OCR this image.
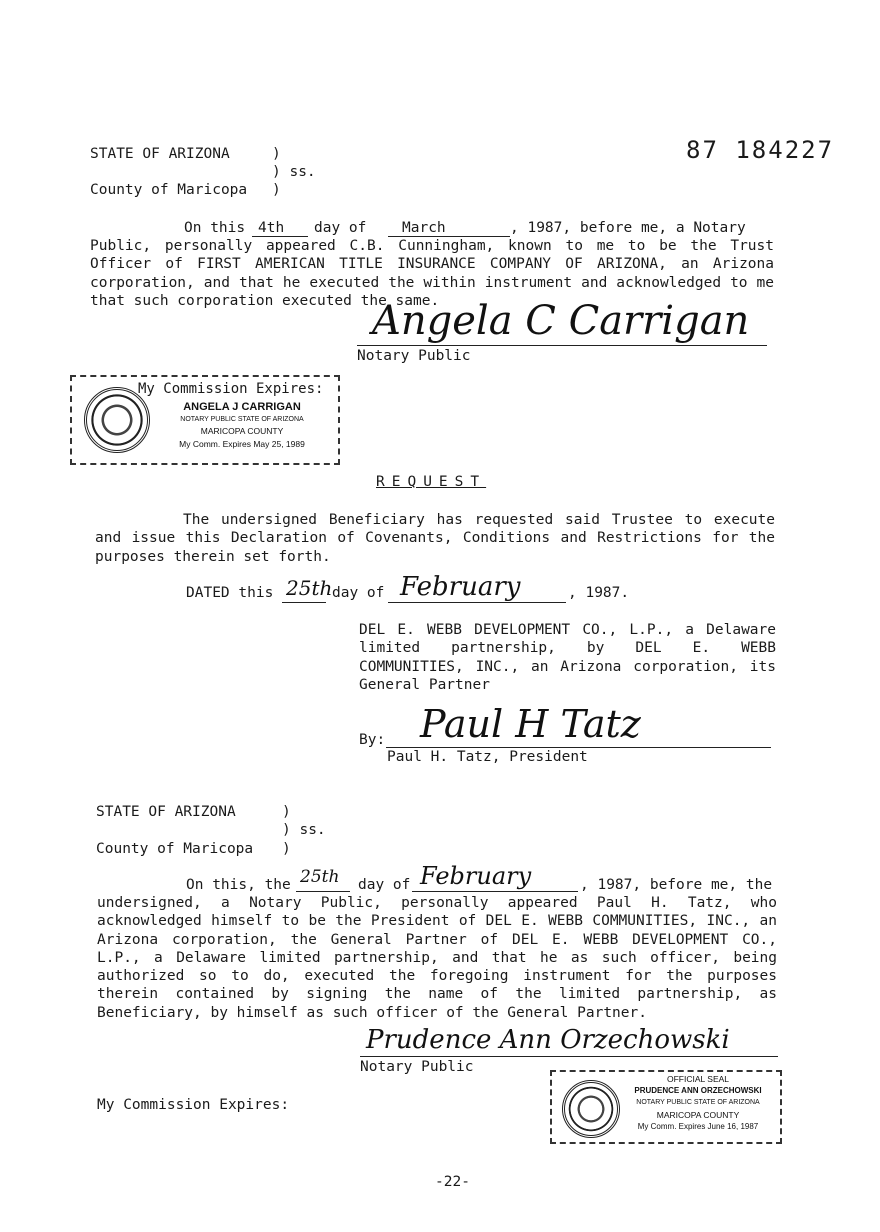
87 184227
STATE OF ARIZONA	)
) ss.
County of Maricopa )
On this 4th day of March	, 1987, before me, a Notary
Public, personally appeared C.B. Cunningham, known to me to be the Trust Officer of FIRST AMERICAN TITLE INSURANCE COMPANY OF ARIZONA, an Arizona corporation, and that he executed the within instrument and acknowledged to me that such corporation executed the same.
Angela C Carrigan
Notary Public
My Commission Expires:
ANGELA J CARRIGAN
NOTARY PUBLIC STATE OF ARIZONA
MARICOPA COUNTY
My Comm. Expires May 25, 1989
REQUEST
The undersigned Beneficiary has requested said Trustee to execute and issue this Declaration of Covenants, Conditions and Restrictions for the purposes therein set forth.
DATED this 25th day of February	, 1987.
DEL E. WEBB DEVELOPMENT CO., L.P., a Delaware limited partnership, by DEL E. WEBB COMMUNITIES, INC., an Arizona corporation, its General Partner
Paul H Tatz
By:
Paul H. Tatz, President
STATE OF ARIZONA	)
) ss.
County of Maricopa )
On this, the 25th day of February	, 1987, before me, the
undersigned, a Notary Public, personally appeared Paul H. Tatz, who acknowledged himself to be the President of DEL E. WEBB COMMUNITIES, INC., an Arizona corporation, the General Partner of DEL E. WEBB DEVELOPMENT CO., L.P., a Delaware limited partnership, and that he as such officer, being authorized so to do, executed the foregoing instrument for the purposes therein contained by signing the name of the limited partnership, as Beneficiary, by himself as such officer of the General Partner.
Prudence Ann Orzechowski
Notary Public
My Commission Expires:
OFFICIAL SEAL
PRUDENCE ANN ORZECHOWSKI
NOTARY PUBLIC STATE OF ARIZONA
MARICOPA COUNTY
My Comm. Expires June 16, 1987
-22-
